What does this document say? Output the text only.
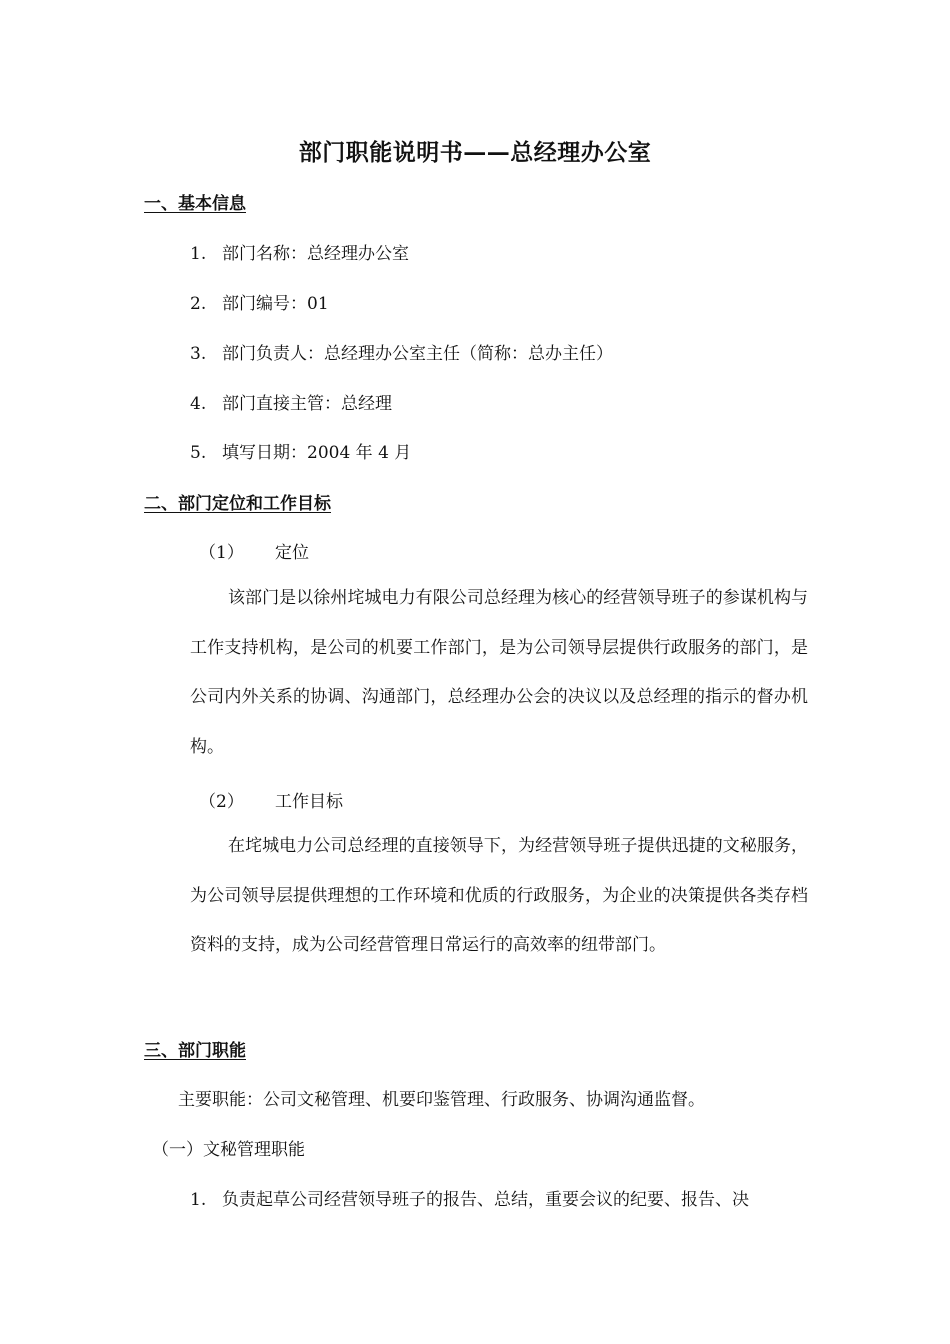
部门职能说明书——总经理办公室
一、基本信息
1. 部门名称：总经理办公室
2. 部门编号：01
3. 部门负责人：总经理办公室主任（简称：总办主任）
4. 部门直接主管：总经理
5. 填写日期：2004 年 4 月
二、部门定位和工作目标
（1） 定位
该部门是以徐州垞城电力有限公司总经理为核心的经营领导班子的参谋机构与工作支持机构，是公司的机要工作部门，是为公司领导层提供行政服务的部门，是公司内外关系的协调、沟通部门，总经理办公会的决议以及总经理的指示的督办机构。
（2） 工作目标
在垞城电力公司总经理的直接领导下，为经营领导班子提供迅捷的文秘服务，为公司领导层提供理想的工作环境和优质的行政服务，为企业的决策提供各类存档资料的支持，成为公司经营管理日常运行的高效率的纽带部门。
三、部门职能
主要职能：公司文秘管理、机要印鉴管理、行政服务、协调沟通监督。
（一）文秘管理职能
1. 负责起草公司经营领导班子的报告、总结，重要会议的纪要、报告、决
